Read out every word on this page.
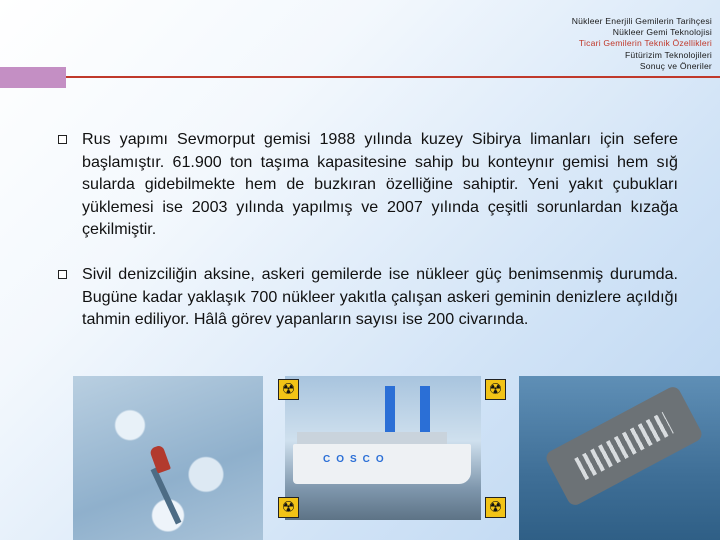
Nükleer Enerjili Gemilerin Tarihçesi
Nükleer Gemi Teknolojisi
Ticari Gemilerin Teknik Özellikleri
Fütürizim Teknolojileri
Sonuç ve Öneriler

Rus yapımı Sevmorput gemisi 1988 yılında kuzey Sibirya limanları için sefere başlamıştır. 61.900 ton taşıma kapasitesine sahip bu konteynır gemisi hem sığ sularda gidebilmekte hem de buzkıran özelliğine sahiptir. Yeni yakıt çubukları yüklemesi ise 2003 yılında yapılmış ve 2007 yılında çeşitli sorunlardan kızağa çekilmiştir.

Sivil denizciliğin aksine, askeri gemilerde ise nükleer güç benimsenmiş durumda. Bugüne kadar yaklaşık 700 nükleer yakıtla çalışan askeri geminin denizlere açıldığı tahmin ediliyor. Hâlâ görev yapanların sayısı ise 200 civarında.

COSCO
☢
☢
☢
☢
